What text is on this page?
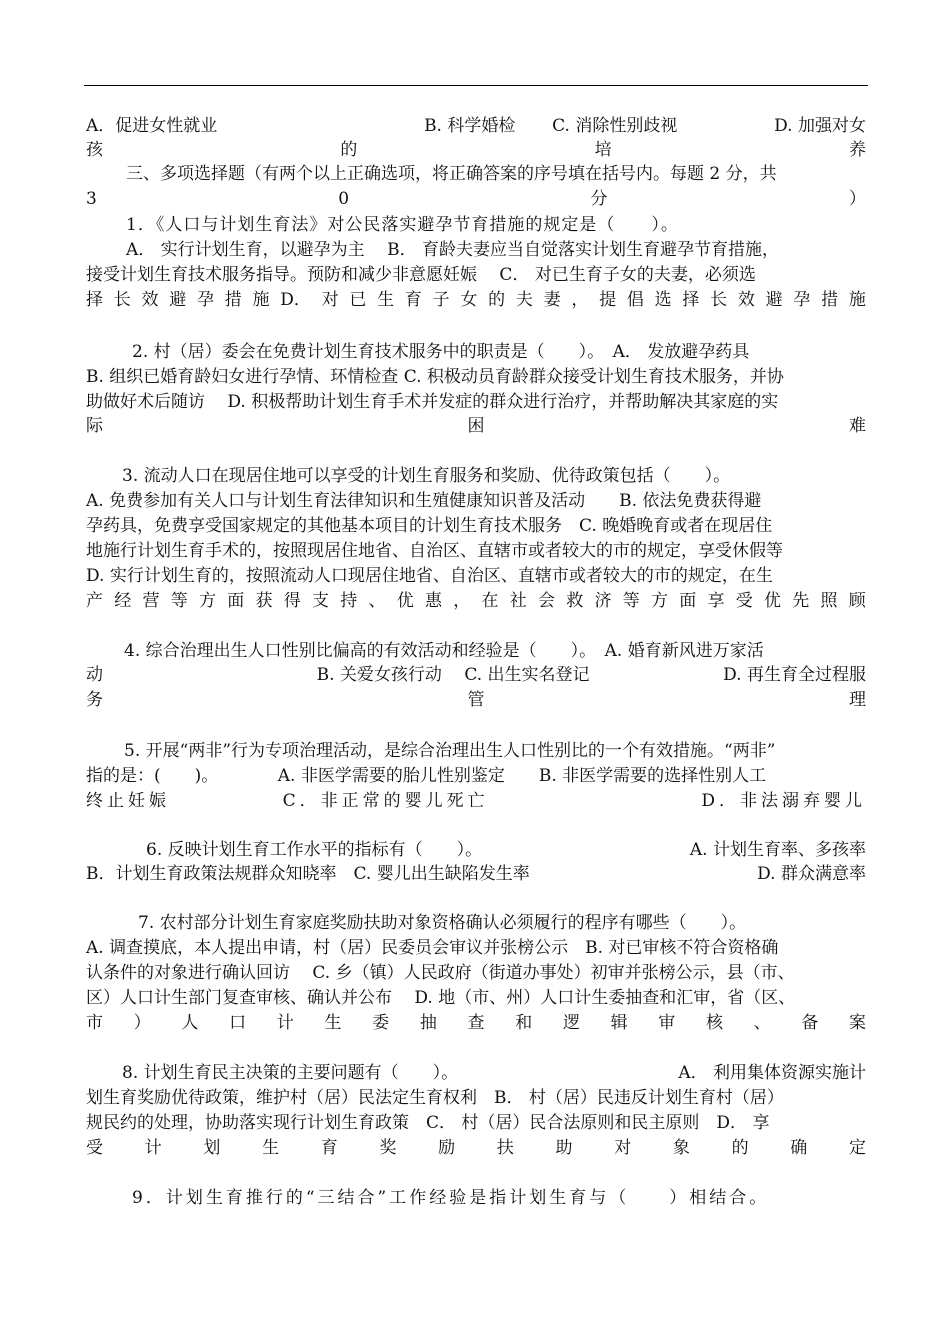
A．促进女性就业	B. 科学婚检 C. 消除性别歧视	D. 加强对女
孩	的	培	养
三、多项选择题（有两个以上正确选项，将正确答案的序号填在括号内。每题 2 分，共
3	0	分	）
1．《人口与计划生育法》对公民落实避孕节育措施的规定是（　　）。
A． 实行计划生育，以避孕为主　 B． 育龄夫妻应当自觉落实计划生育避孕节育措施，
接受计划生育技术服务指导。预防和减少非意愿妊娠　 C． 对已生育子女的夫妻，必须选
择 长 效 避 孕 措 施 D． 对 已 生 育 子 女 的 夫 妻 ， 提 倡 选 择 长 效 避 孕 措 施
2. 村（居）委会在免费计划生育技术服务中的职责是（　　）。　A． 发放避孕药具
B. 组织已婚育龄妇女进行孕情、环情检查 C. 积极动员育龄群众接受计划生育技术服务，并协
助做好术后随访　 D. 积极帮助计划生育手术并发症的群众进行治疗，并帮助解决其家庭的实
际	困	难
3. 流动人口在现居住地可以享受的计划生育服务和奖励、优待政策包括（　　）。
A. 免费参加有关人口与计划生育法律知识和生殖健康知识普及活动　　B. 依法免费获得避
孕药具，免费享受国家规定的其他基本项目的计划生育技术服务　C. 晚婚晚育或者在现居住
地施行计划生育手术的，按照现居住地省、自治区、直辖市或者较大的市的规定，享受休假等
D. 实行计划生育的，按照流动人口现居住地省、自治区、直辖市或者较大的市的规定，在生
产 经 营 等 方 面 获 得 支 持 、 优 惠 ， 在 社 会 救 济 等 方 面 享 受 优 先 照 顾
4. 综合治理出生人口性别比偏高的有效活动和经验是（　　）。　A. 婚育新风进万家活
动	B. 关爱女孩行动　 C. 出生实名登记	D. 再生育全过程服
务	管	理
5. 开展“两非”行为专项治理活动，是综合治理出生人口性别比的一个有效措施。“两非”
指的是：(　　)。　　　　A. 非医学需要的胎儿性别鉴定　　B. 非医学需要的选择性别人工
终止妊娠	C．非正常的婴儿死亡	D．非法溺弃婴儿
6. 反映计划生育工作水平的指标有（　　）。	A. 计划生育率、多孩率
B．计划生育政策法规群众知晓率　C. 婴儿出生缺陷发生率	D. 群众满意率
7. 农村部分计划生育家庭奖励扶助对象资格确认必须履行的程序有哪些（　　）。
A. 调查摸底，本人提出申请，村（居）民委员会审议并张榜公示　B. 对已审核不符合资格确
认条件的对象进行确认回访　 C. 乡（镇）人民政府（街道办事处）初审并张榜公示，县（市、
区）人口计生部门复查审核、确认并公布　 D. 地（市、州）人口计生委抽查和汇审，省（区、
市 ） 人 口 计 生 委 抽 查 和 逻 辑 审 核 、 备 案
8. 计划生育民主决策的主要问题有（　　）。	A． 利用集体资源实施计
划生育奖励优待政策，维护村（居）民法定生育权利　B． 村（居）民违反计划生育村（居）
规民约的处理，协助落实现行计划生育政策　C． 村（居）民合法原则和民主原则　D． 享
受 计 划 生 育 奖 励 扶 助 对 象 的 确 定
9．计划生育推行的“三结合”工作经验是指计划生育与（　　）相结合。
